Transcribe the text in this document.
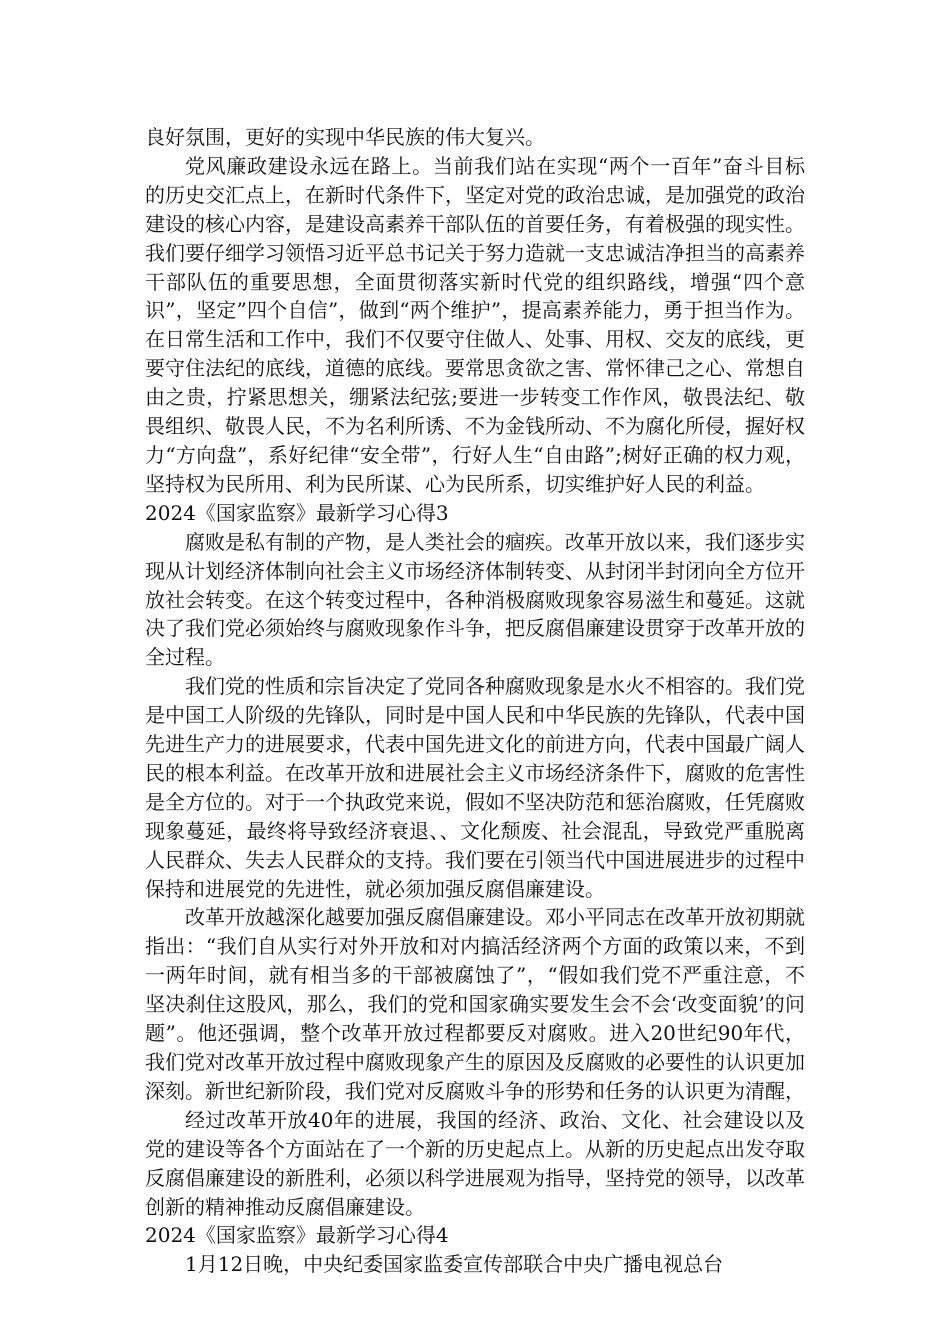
良好氛围，更好的实现中华民族的伟大复兴。

党风廉政建设永远在路上。当前我们站在实现“两个一百年”奋斗目标的历史交汇点上，在新时代条件下，坚定对党的政治忠诚，是加强党的政治建设的核心内容，是建设高素养干部队伍的首要任务，有着极强的现实性。我们要仔细学习领悟习近平总书记关于努力造就一支忠诚洁净担当的高素养干部队伍的重要思想，全面贯彻落实新时代党的组织路线，增强“四个意识”，坚定”四个自信”，做到“两个维护”，提高素养能力，勇于担当作为。在日常生活和工作中，我们不仅要守住做人、处事、用权、交友的底线，更要守住法纪的底线，道德的底线。要常思贪欲之害、常怀律己之心、常想自由之贵，拧紧思想关，绷紧法纪弦;要进一步转变工作作风，敬畏法纪、敬畏组织、敬畏人民，不为名利所诱、不为金钱所动、不为腐化所侵，握好权力“方向盘”，系好纪律“安全带”，行好人生“自由路”;树好正确的权力观，坚持权为民所用、利为民所谋、心为民所系，切实维护好人民的利益。

2024《国家监察》最新学习心得3

腐败是私有制的产物，是人类社会的痼疾。改革开放以来，我们逐步实现从计划经济体制向社会主义市场经济体制转变、从封闭半封闭向全方位开放社会转变。在这个转变过程中，各种消极腐败现象容易滋生和蔓延。这就决了我们党必须始终与腐败现象作斗争，把反腐倡廉建设贯穿于改革开放的全过程。

我们党的性质和宗旨决定了党同各种腐败现象是水火不相容的。我们党是中国工人阶级的先锋队，同时是中国人民和中华民族的先锋队，代表中国先进生产力的进展要求，代表中国先进文化的前进方向，代表中国最广阔人民的根本利益。在改革开放和进展社会主义市场经济条件下，腐败的危害性是全方位的。对于一个执政党来说，假如不坚决防范和惩治腐败，任凭腐败现象蔓延，最终将导致经济衰退、、文化颓废、社会混乱，导致党严重脱离人民群众、失去人民群众的支持。我们要在引领当代中国进展进步的过程中保持和进展党的先进性，就必须加强反腐倡廉建设。

改革开放越深化越要加强反腐倡廉建设。邓小平同志在改革开放初期就指出：“我们自从实行对外开放和对内搞活经济两个方面的政策以来，不到一两年时间，就有相当多的干部被腐蚀了”，“假如我们党不严重注意，不坚决刹住这股风，那么，我们的党和国家确实要发生会不会‘改变面貌’的问题”。他还强调，整个改革开放过程都要反对腐败。进入20世纪90年代，我们党对改革开放过程中腐败现象产生的原因及反腐败的必要性的认识更加深刻。新世纪新阶段，我们党对反腐败斗争的形势和任务的认识更为清醒，

经过改革开放40年的进展，我国的经济、政治、文化、社会建设以及党的建设等各个方面站在了一个新的历史起点上。从新的历史起点出发夺取反腐倡廉建设的新胜利，必须以科学进展观为指导，坚持党的领导，以改革创新的精神推动反腐倡廉建设。

2024《国家监察》最新学习心得4

1月12日晚，中央纪委国家监委宣传部联合中央广播电视总台
